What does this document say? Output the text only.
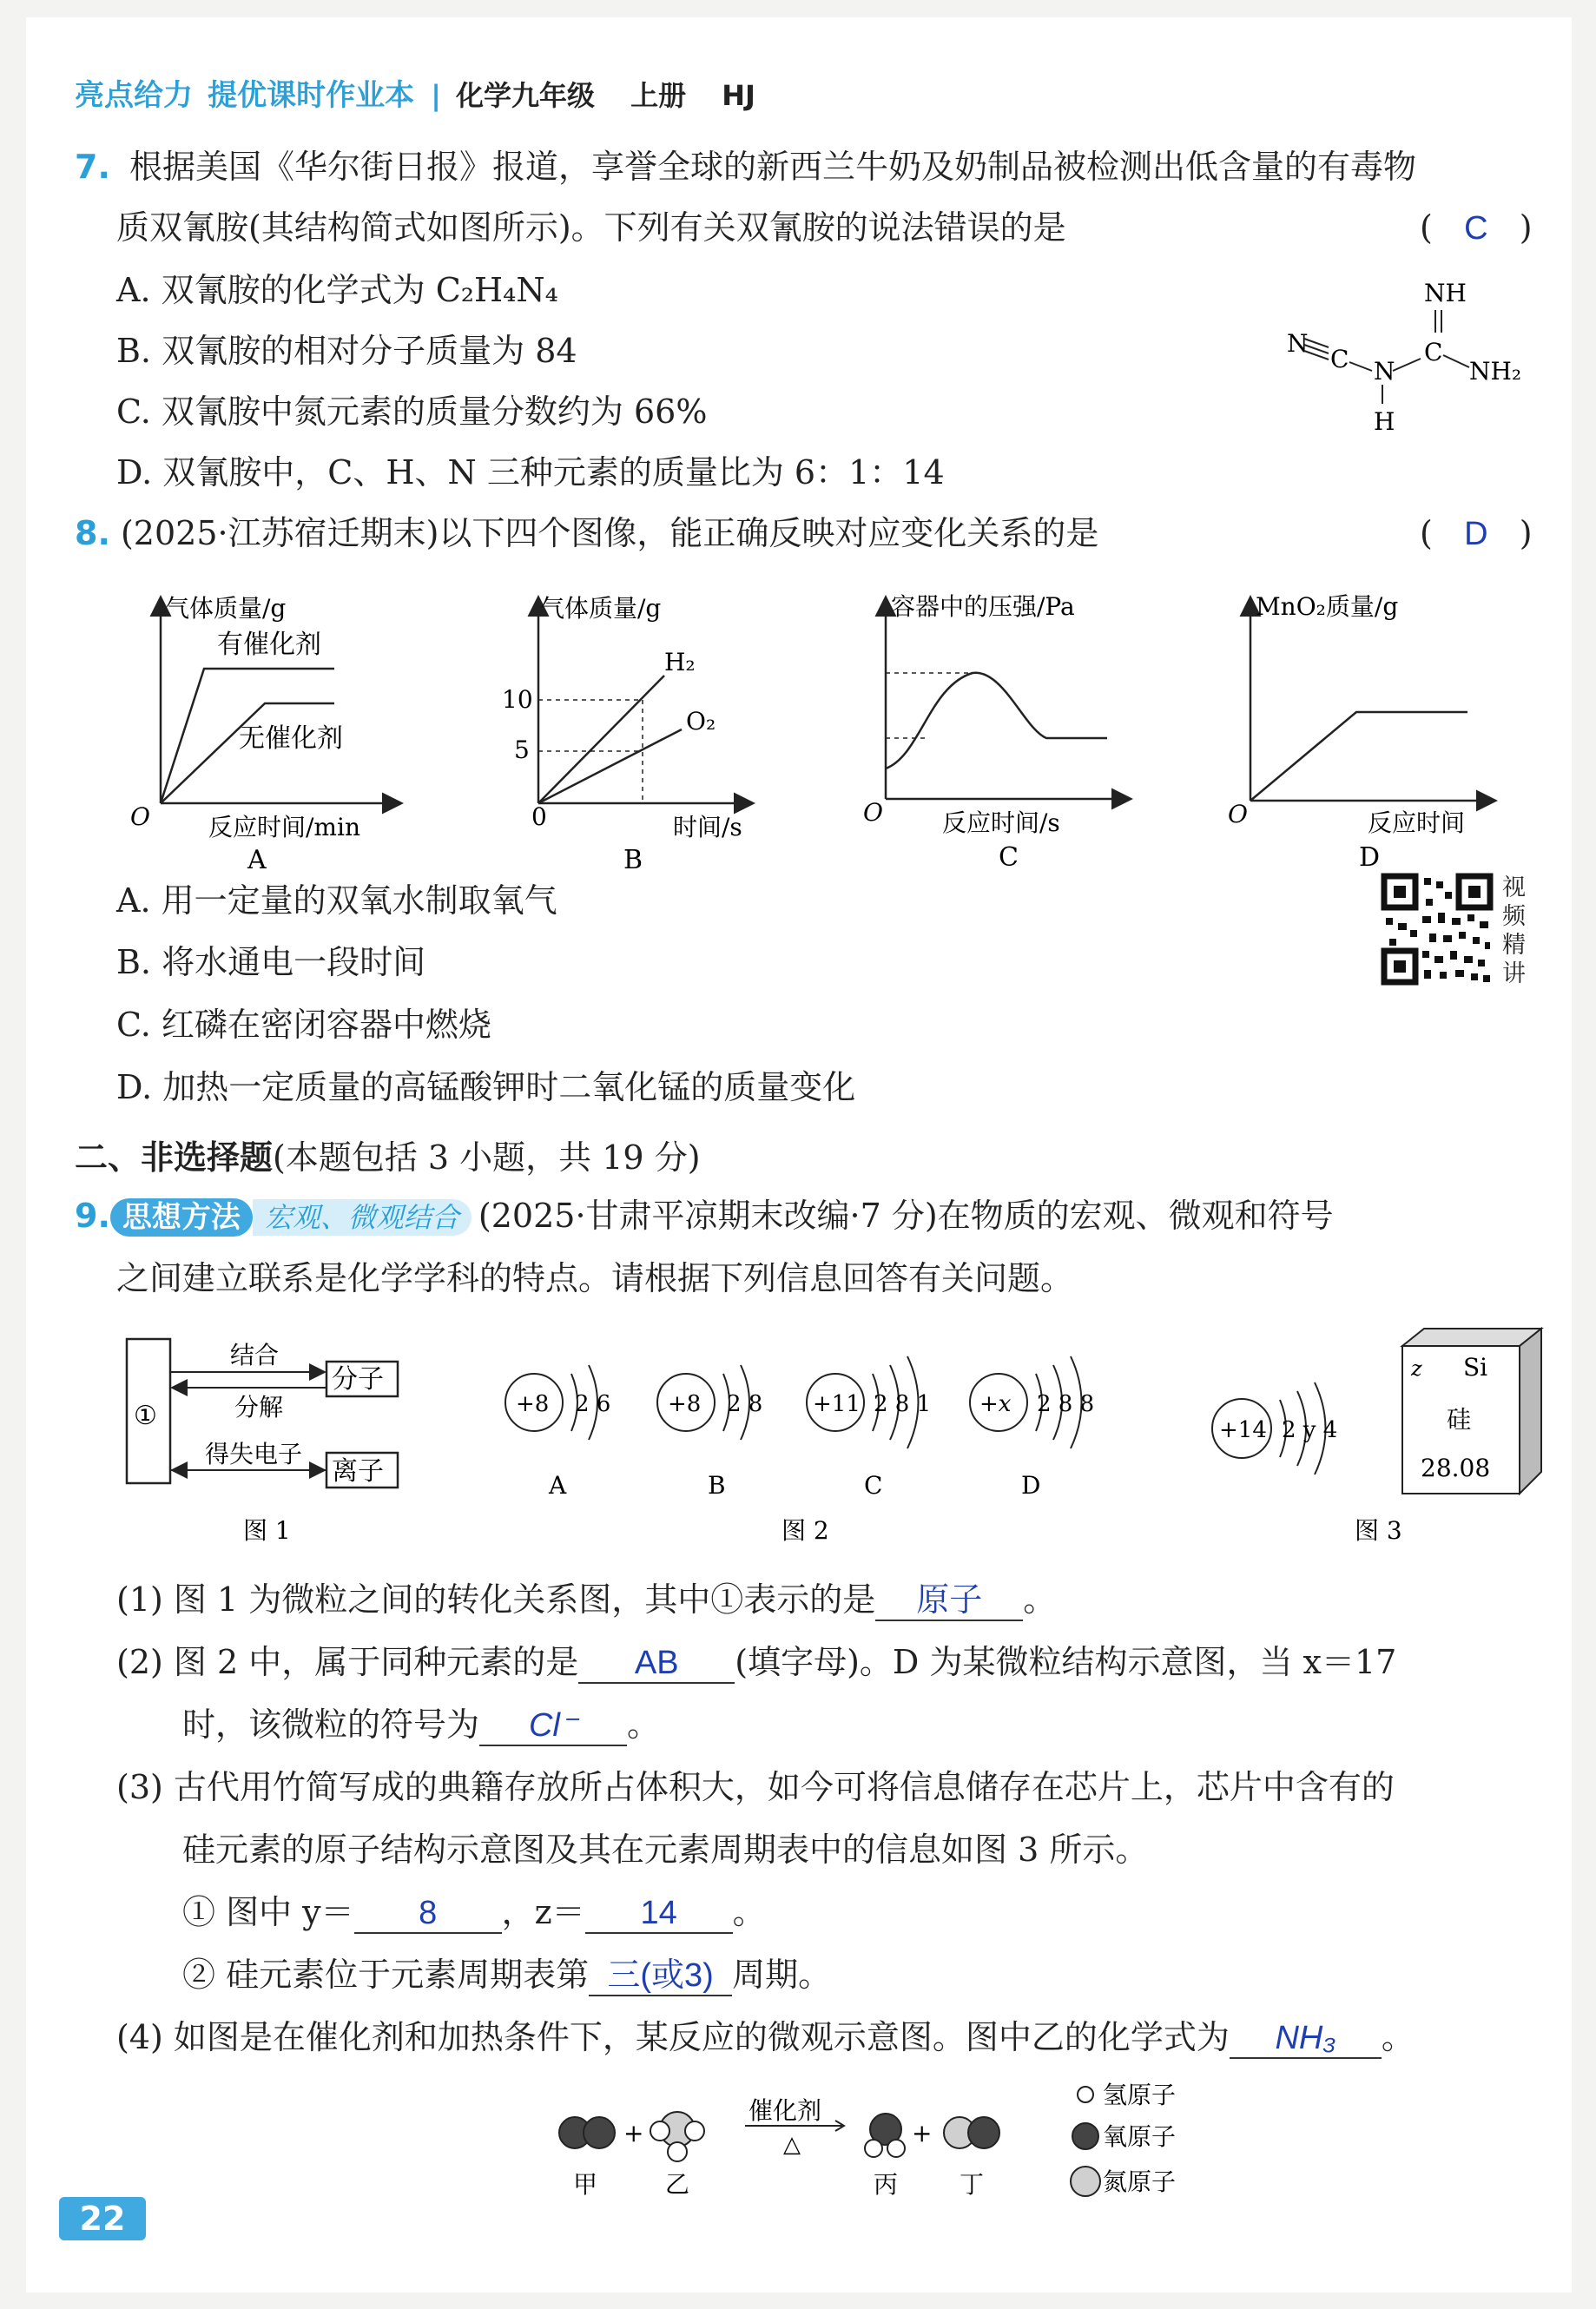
亮点给力 提优课时作业本 | 化学九年级 上册 HJ
7. 根据美国《华尔街日报》报道，享誉全球的新西兰牛奶及奶制品被检测出低含量的有毒物
质双氰胺(其结构简式如图所示)。下列有关双氰胺的说法错误的是	(   C   )
A. 双氰胺的化学式为 C₂H₄N₄
B. 双氰胺的相对分子质量为 84
C. 双氰胺中氮元素的质量分数约为 66%
D. 双氰胺中，C、H、N 三种元素的质量比为 6：1：14
NH
N
C N
C
NH₂
H
8. (2025·江苏宿迁期末)以下四个图像，能正确反映对应变化关系的是	(   D   )
气体质量/g
O 反应时间/min
有催化剂
无催化剂
A
气体质量/g
0	时间/s
10
5
H₂
O₂
B
容器中的压强/Pa
O 反应时间/s
C
MnO₂质量/g
O	反应时间
D
A. 用一定量的双氧水制取氧气
B. 将水通电一段时间
C. 红磷在密闭容器中燃烧
D. 加热一定质量的高锰酸钾时二氧化锰的质量变化
视
频
精
讲
二、非选择题(本题包括 3 小题，共 19 分)
9. 思想方法 宏观、微观结合 (2025·甘肃平凉期末改编·7 分)在物质的宏观、微观和符号
之间建立联系是化学学科的特点。请根据下列信息回答有关问题。
①
分子
离子
结合
分解
得失电子
图 1
+8 2 6
A
+8 2 8
B
+11 2 8 1
C
+x 2 8 8
D
图 2
+14 2 y 4
z Si
硅
28.08
图 3
(1) 图 1 为微粒之间的转化关系图，其中①表示的是 原子 。
(2) 图 2 中，属于同种元素的是 AB (填字母)。D 为某微粒结构示意图，当 x＝17
时，该微粒的符号为 Cl⁻ 。
(3) 古代用竹简写成的典籍存放所占体积大，如今可将信息储存在芯片上，芯片中含有的
硅元素的原子结构示意图及其在元素周期表中的信息如图 3 所示。
① 图中 y＝ 8 ，z＝ 14 。
② 硅元素位于元素周期表第 三(或3) 周期。
(4) 如图是在催化剂和加热条件下，某反应的微观示意图。图中乙的化学式为 NH₃ 。
+
催化剂
△	+
甲	乙	丙	丁
氢原子
氧原子
氮原子
22
